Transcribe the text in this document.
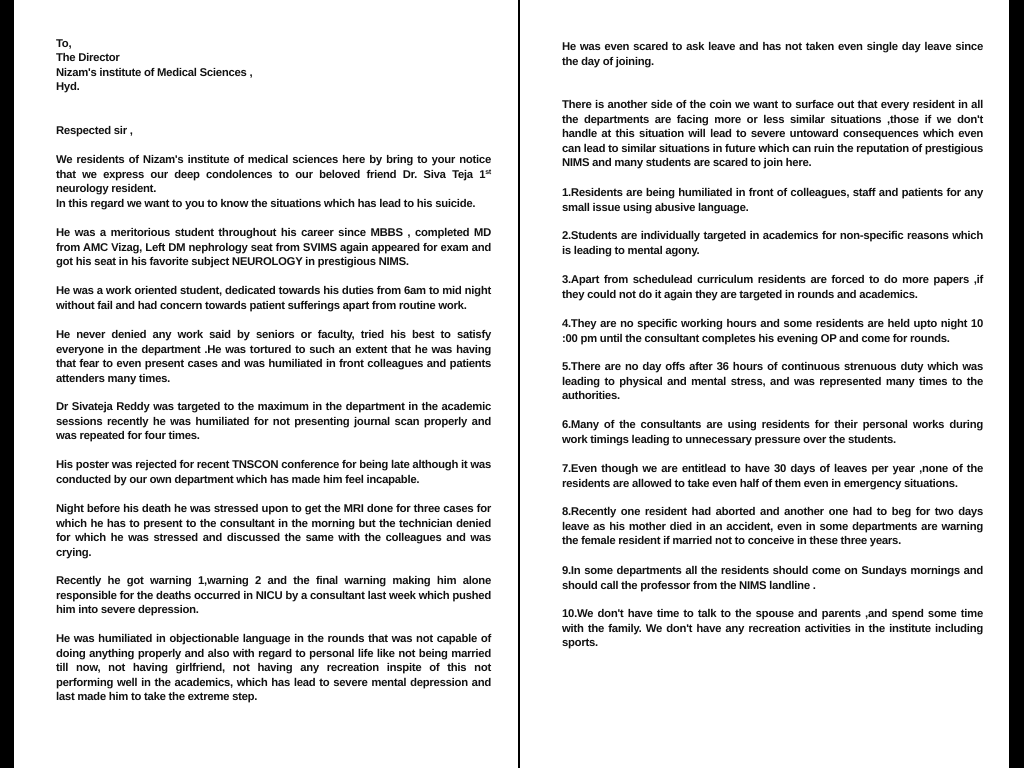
To,

The Director

Nizam's institute of Medical Sciences ,

Hyd.

Respected sir ,

We residents of Nizam's institute of medical sciences here by bring to your notice that we express our deep condolences to our beloved friend Dr. Siva Teja 1st neurology resident.

In this regard we want to you to know the situations which has lead to his suicide.

He was a meritorious student throughout his career since MBBS , completed MD from AMC Vizag, Left DM nephrology seat from SVIMS again appeared for exam and got his seat in his favorite subject NEUROLOGY in prestigious NIMS.

He was a work oriented student, dedicated towards his duties from 6am to mid night without fail and had concern towards patient sufferings apart from routine work.

He never denied any work said by seniors or faculty, tried his best to satisfy everyone in the department .He was tortured to such an extent that he was having that fear to even present cases and was humiliated in front colleagues and patients attenders many times.

Dr Sivateja Reddy was targeted to the maximum in the department in the academic sessions recently he was humiliated for not presenting journal scan properly and was repeated for four times.

His poster was rejected for recent TNSCON conference for being late although it was conducted by our own department which has made him feel incapable.

Night before his death he was stressed upon to get the MRI done for three cases for which he has to present to the consultant in the morning but the technician denied for which he was stressed and discussed the same with the colleagues and was crying.

Recently he got warning 1,warning 2 and the final warning making him alone responsible for the deaths occurred in NICU by a consultant last week which pushed him into severe depression.

He was humiliated in objectionable language in the rounds that was not capable of doing anything properly and also with regard to personal life like not being married till now, not having girlfriend, not having any recreation inspite of this not performing well in the academics, which has lead to severe mental depression and last made him to take the extreme step.

He was even scared to ask leave and has not taken even single day leave since the day of joining.

There is another side of the coin we want to surface out that every resident in all the departments are facing more or less similar situations ,those if we don't handle at this situation will lead to severe untoward consequences which even can lead to similar situations in future which can ruin the reputation of prestigious NIMS and many students are scared to join here.

1.Residents are being humiliated in front of colleagues, staff and patients for any small issue using abusive language.

2.Students are individually targeted in academics for non-specific reasons which is leading to mental agony.

3.Apart from schedulead curriculum residents are forced to do more papers ,if they could not do it again they are targeted in rounds and academics.

4.They are no specific working hours and some residents are held upto night 10 :00 pm until the consultant completes his evening OP and come for rounds.

5.There are no day offs after 36 hours of continuous strenuous duty which was leading to physical and mental stress, and was represented many times to the authorities.

6.Many of the consultants are using residents for their personal works during work timings leading to unnecessary pressure over the students.

7.Even though we are entitlead to have 30 days of leaves per year ,none of the residents are allowed to take even half of them even in emergency situations.

8.Recently one resident had aborted and another one had to beg for two days leave as his mother died in an accident, even in some departments are warning the female resident if married not to conceive in these three years.

9.In some departments all the residents should come on Sundays mornings and should call the professor from the NIMS landline .

10.We don't have time to talk to the spouse and parents ,and spend some time with the family. We don't have any recreation activities in the institute including sports.
